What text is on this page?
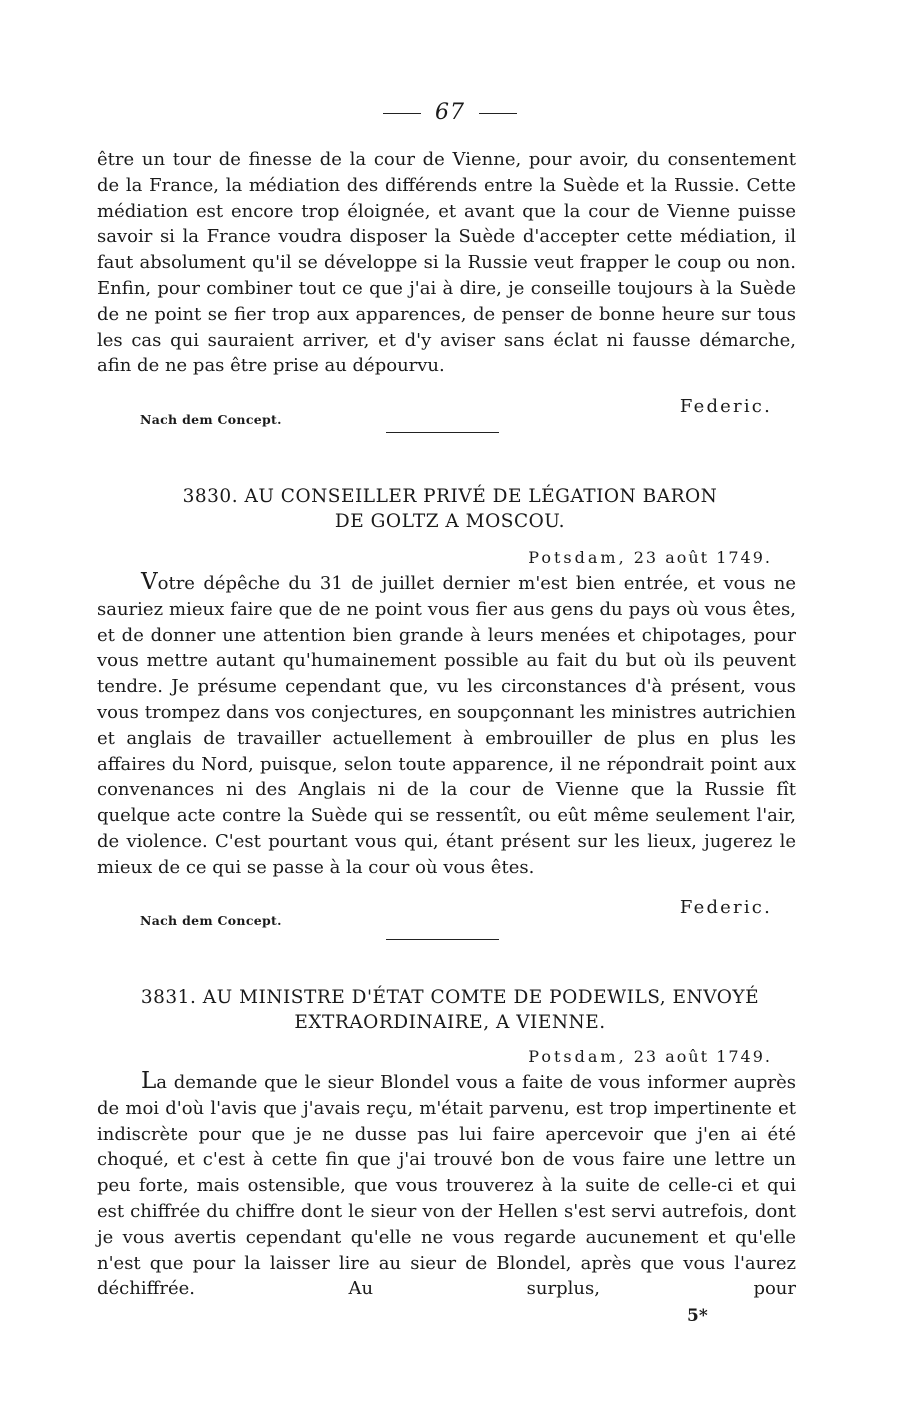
67

être un tour de finesse de la cour de Vienne, pour avoir, du consentement de la France, la médiation des différends entre la Suède et la Russie. Cette médiation est encore trop éloignée, et avant que la cour de Vienne puisse savoir si la France voudra disposer la Suède d'accepter cette médiation, il faut absolument qu'il se développe si la Russie veut frapper le coup ou non. Enfin, pour combiner tout ce que j'ai à dire, je conseille toujours à la Suède de ne point se fier trop aux apparences, de penser de bonne heure sur tous les cas qui sauraient arriver, et d'y aviser sans éclat ni fausse démarche, afin de ne pas être prise au dépourvu.

Federic.
Nach dem Concept.
3830. AU CONSEILLER PRIVÉ DE LÉGATION BARON
DE GOLTZ A MOSCOU.
Potsdam, 23 août 1749.

Votre dépêche du 31 de juillet dernier m'est bien entrée, et vous ne sauriez mieux faire que de ne point vous fier aus gens du pays où vous êtes, et de donner une attention bien grande à leurs menées et chipotages, pour vous mettre autant qu'humainement possible au fait du but où ils peuvent tendre. Je présume cependant que, vu les circonstances d'à présent, vous vous trompez dans vos conjectures, en soupçonnant les ministres autrichien et anglais de travailler actuellement à embrouiller de plus en plus les affaires du Nord, puisque, selon toute apparence, il ne répondrait point aux convenances ni des Anglais ni de la cour de Vienne que la Russie fît quelque acte contre la Suède qui se ressentît, ou eût même seulement l'air, de violence. C'est pourtant vous qui, étant présent sur les lieux, jugerez le mieux de ce qui se passe à la cour où vous êtes.

Federic.
Nach dem Concept.
3831. AU MINISTRE D'ÉTAT COMTE DE PODEWILS, ENVOYÉ
EXTRAORDINAIRE, A VIENNE.
Potsdam, 23 août 1749.

La demande que le sieur Blondel vous a faite de vous informer auprès de moi d'où l'avis que j'avais reçu, m'était parvenu, est trop impertinente et indiscrète pour que je ne dusse pas lui faire apercevoir que j'en ai été choqué, et c'est à cette fin que j'ai trouvé bon de vous faire une lettre un peu forte, mais ostensible, que vous trouverez à la suite de celle-ci et qui est chiffrée du chiffre dont le sieur von der Hellen s'est servi autrefois, dont je vous avertis cependant qu'elle ne vous regarde aucunement et qu'elle n'est que pour la laisser lire au sieur de Blondel, après que vous l'aurez déchiffrée. Au surplus, pour

5*
